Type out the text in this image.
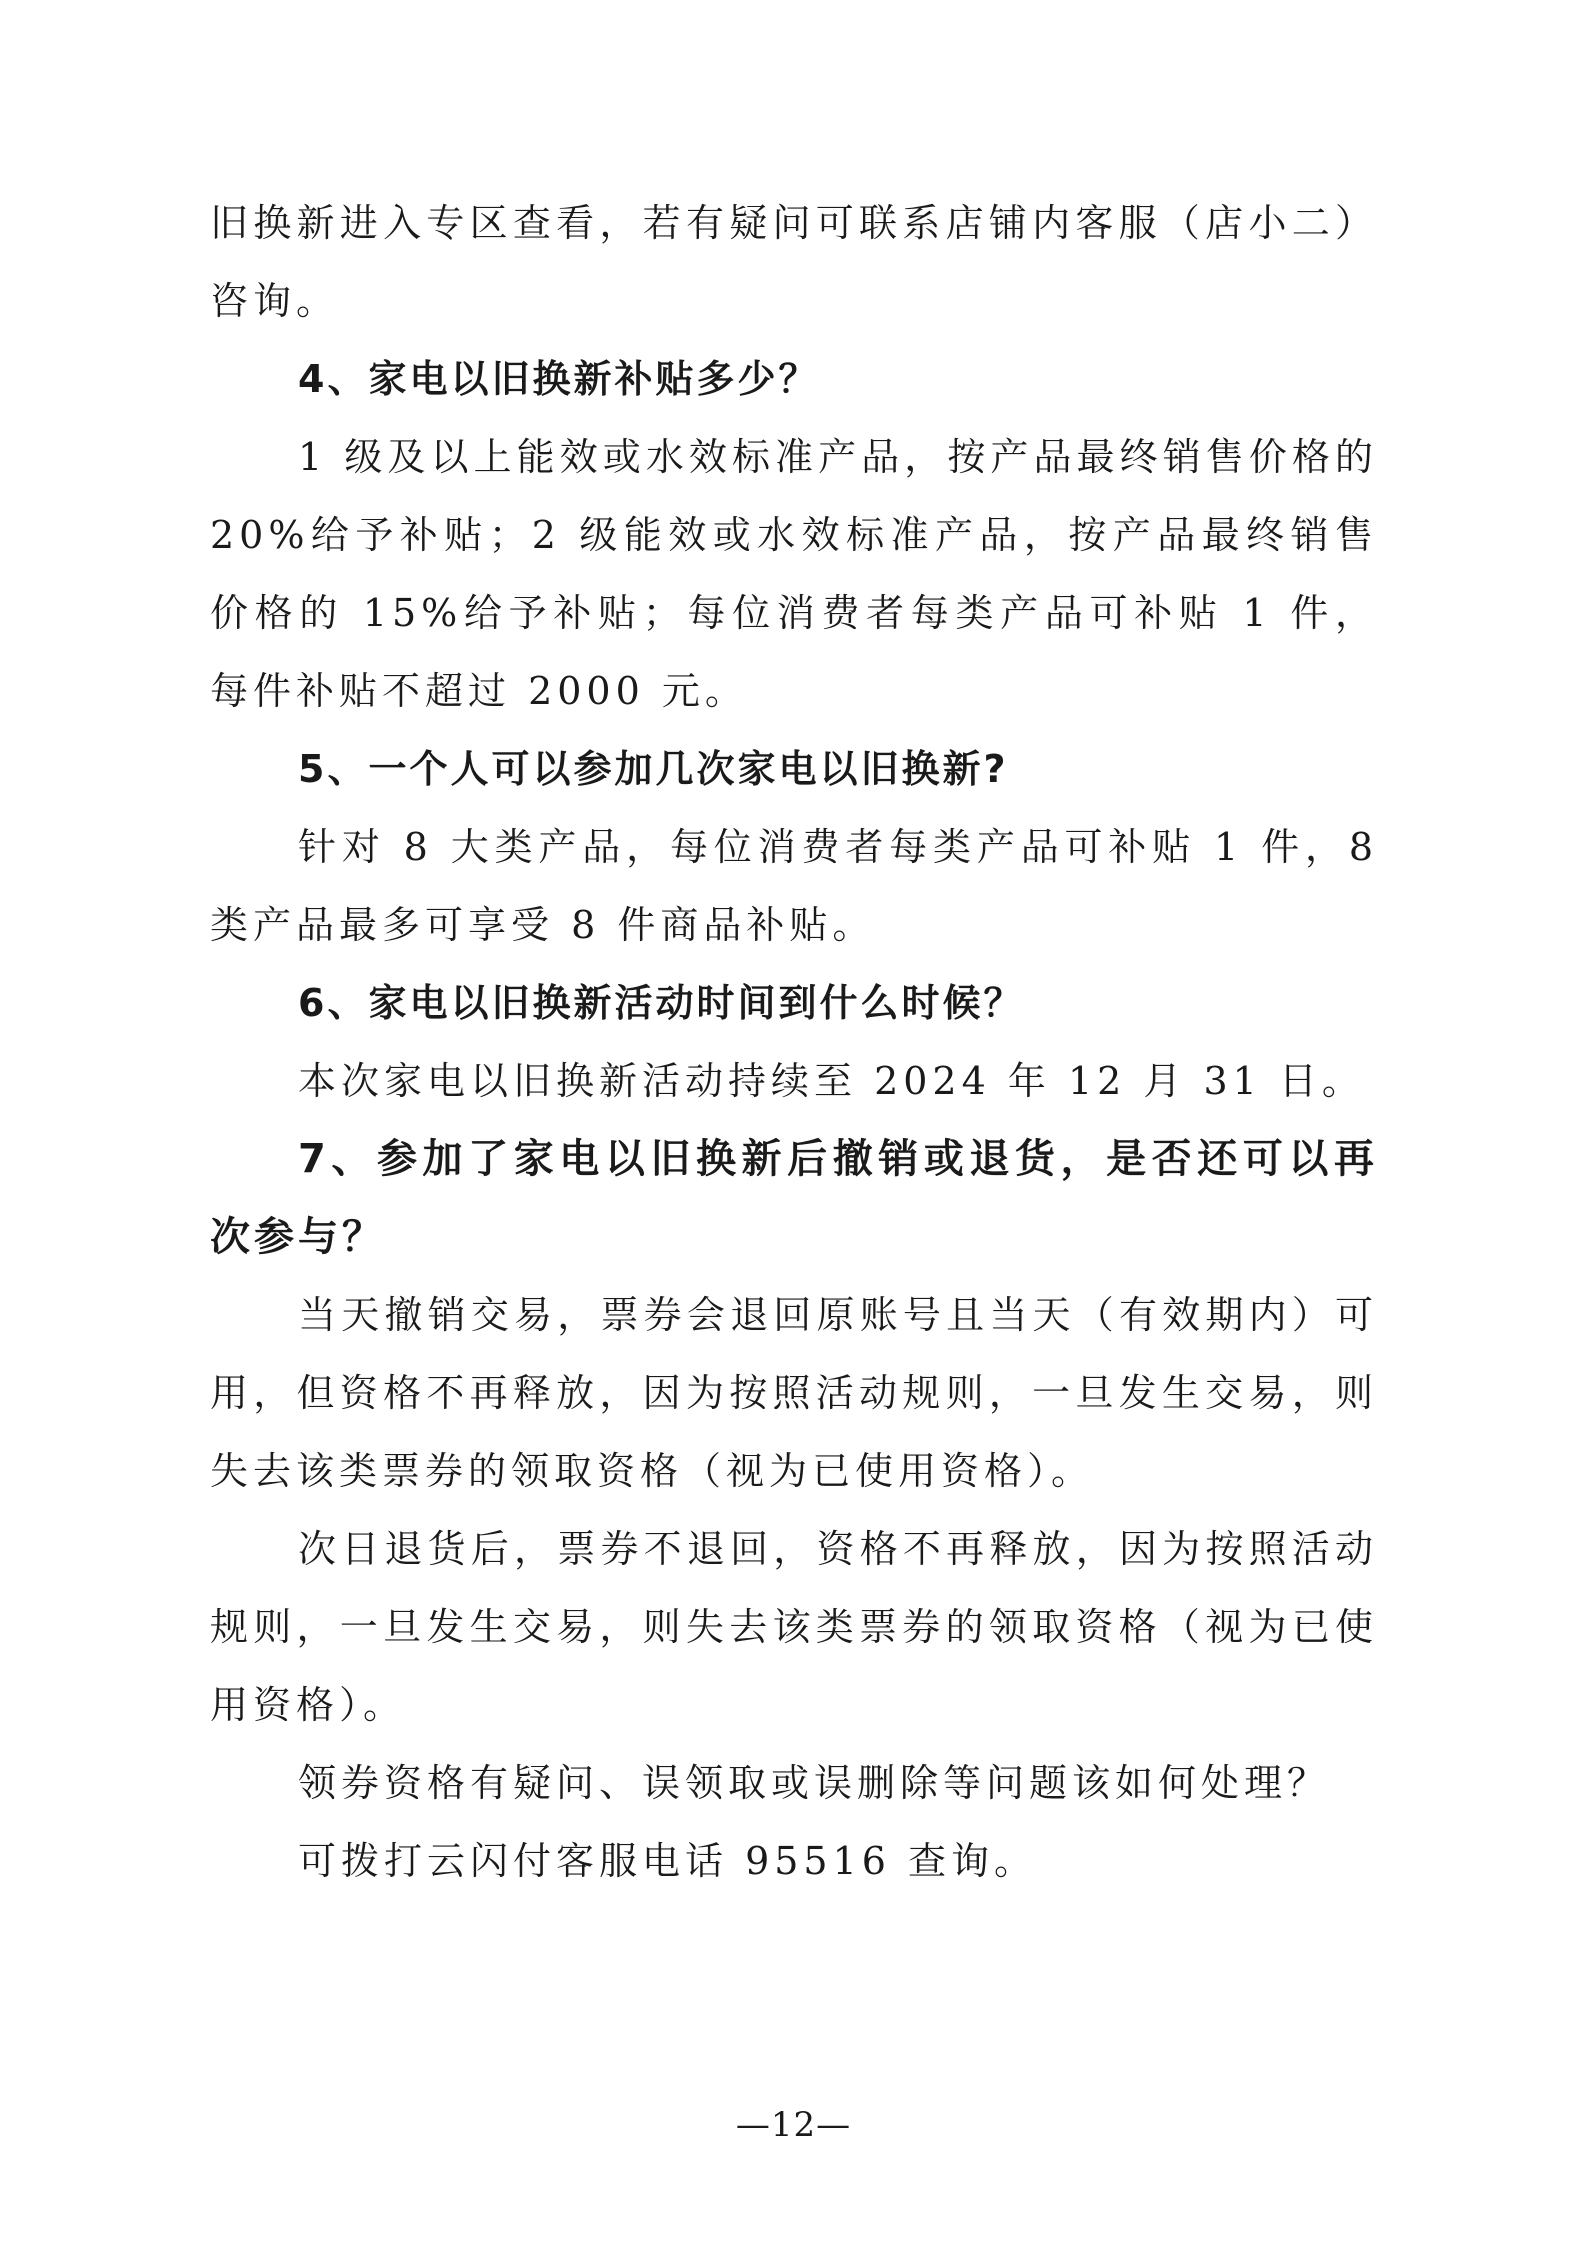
旧换新进入专区查看，若有疑问可联系店铺内客服（店小二）咨询。

4、家电以旧换新补贴多少？

1 级及以上能效或水效标准产品，按产品最终销售价格的 20%给予补贴；2 级能效或水效标准产品，按产品最终销售价格的 15%给予补贴；每位消费者每类产品可补贴 1 件，每件补贴不超过 2000 元。

5、一个人可以参加几次家电以旧换新?

针对 8 大类产品，每位消费者每类产品可补贴 1 件，8 类产品最多可享受 8 件商品补贴。

6、家电以旧换新活动时间到什么时候？

本次家电以旧换新活动持续至 2024 年 12 月 31 日。

7、参加了家电以旧换新后撤销或退货，是否还可以再次参与？

当天撤销交易，票券会退回原账号且当天（有效期内）可用，但资格不再释放，因为按照活动规则，一旦发生交易，则失去该类票券的领取资格（视为已使用资格）。

次日退货后，票券不退回，资格不再释放，因为按照活动规则，一旦发生交易，则失去该类票券的领取资格（视为已使用资格）。

领券资格有疑问、误领取或误删除等问题该如何处理？

可拨打云闪付客服电话 95516 查询。

—12—
